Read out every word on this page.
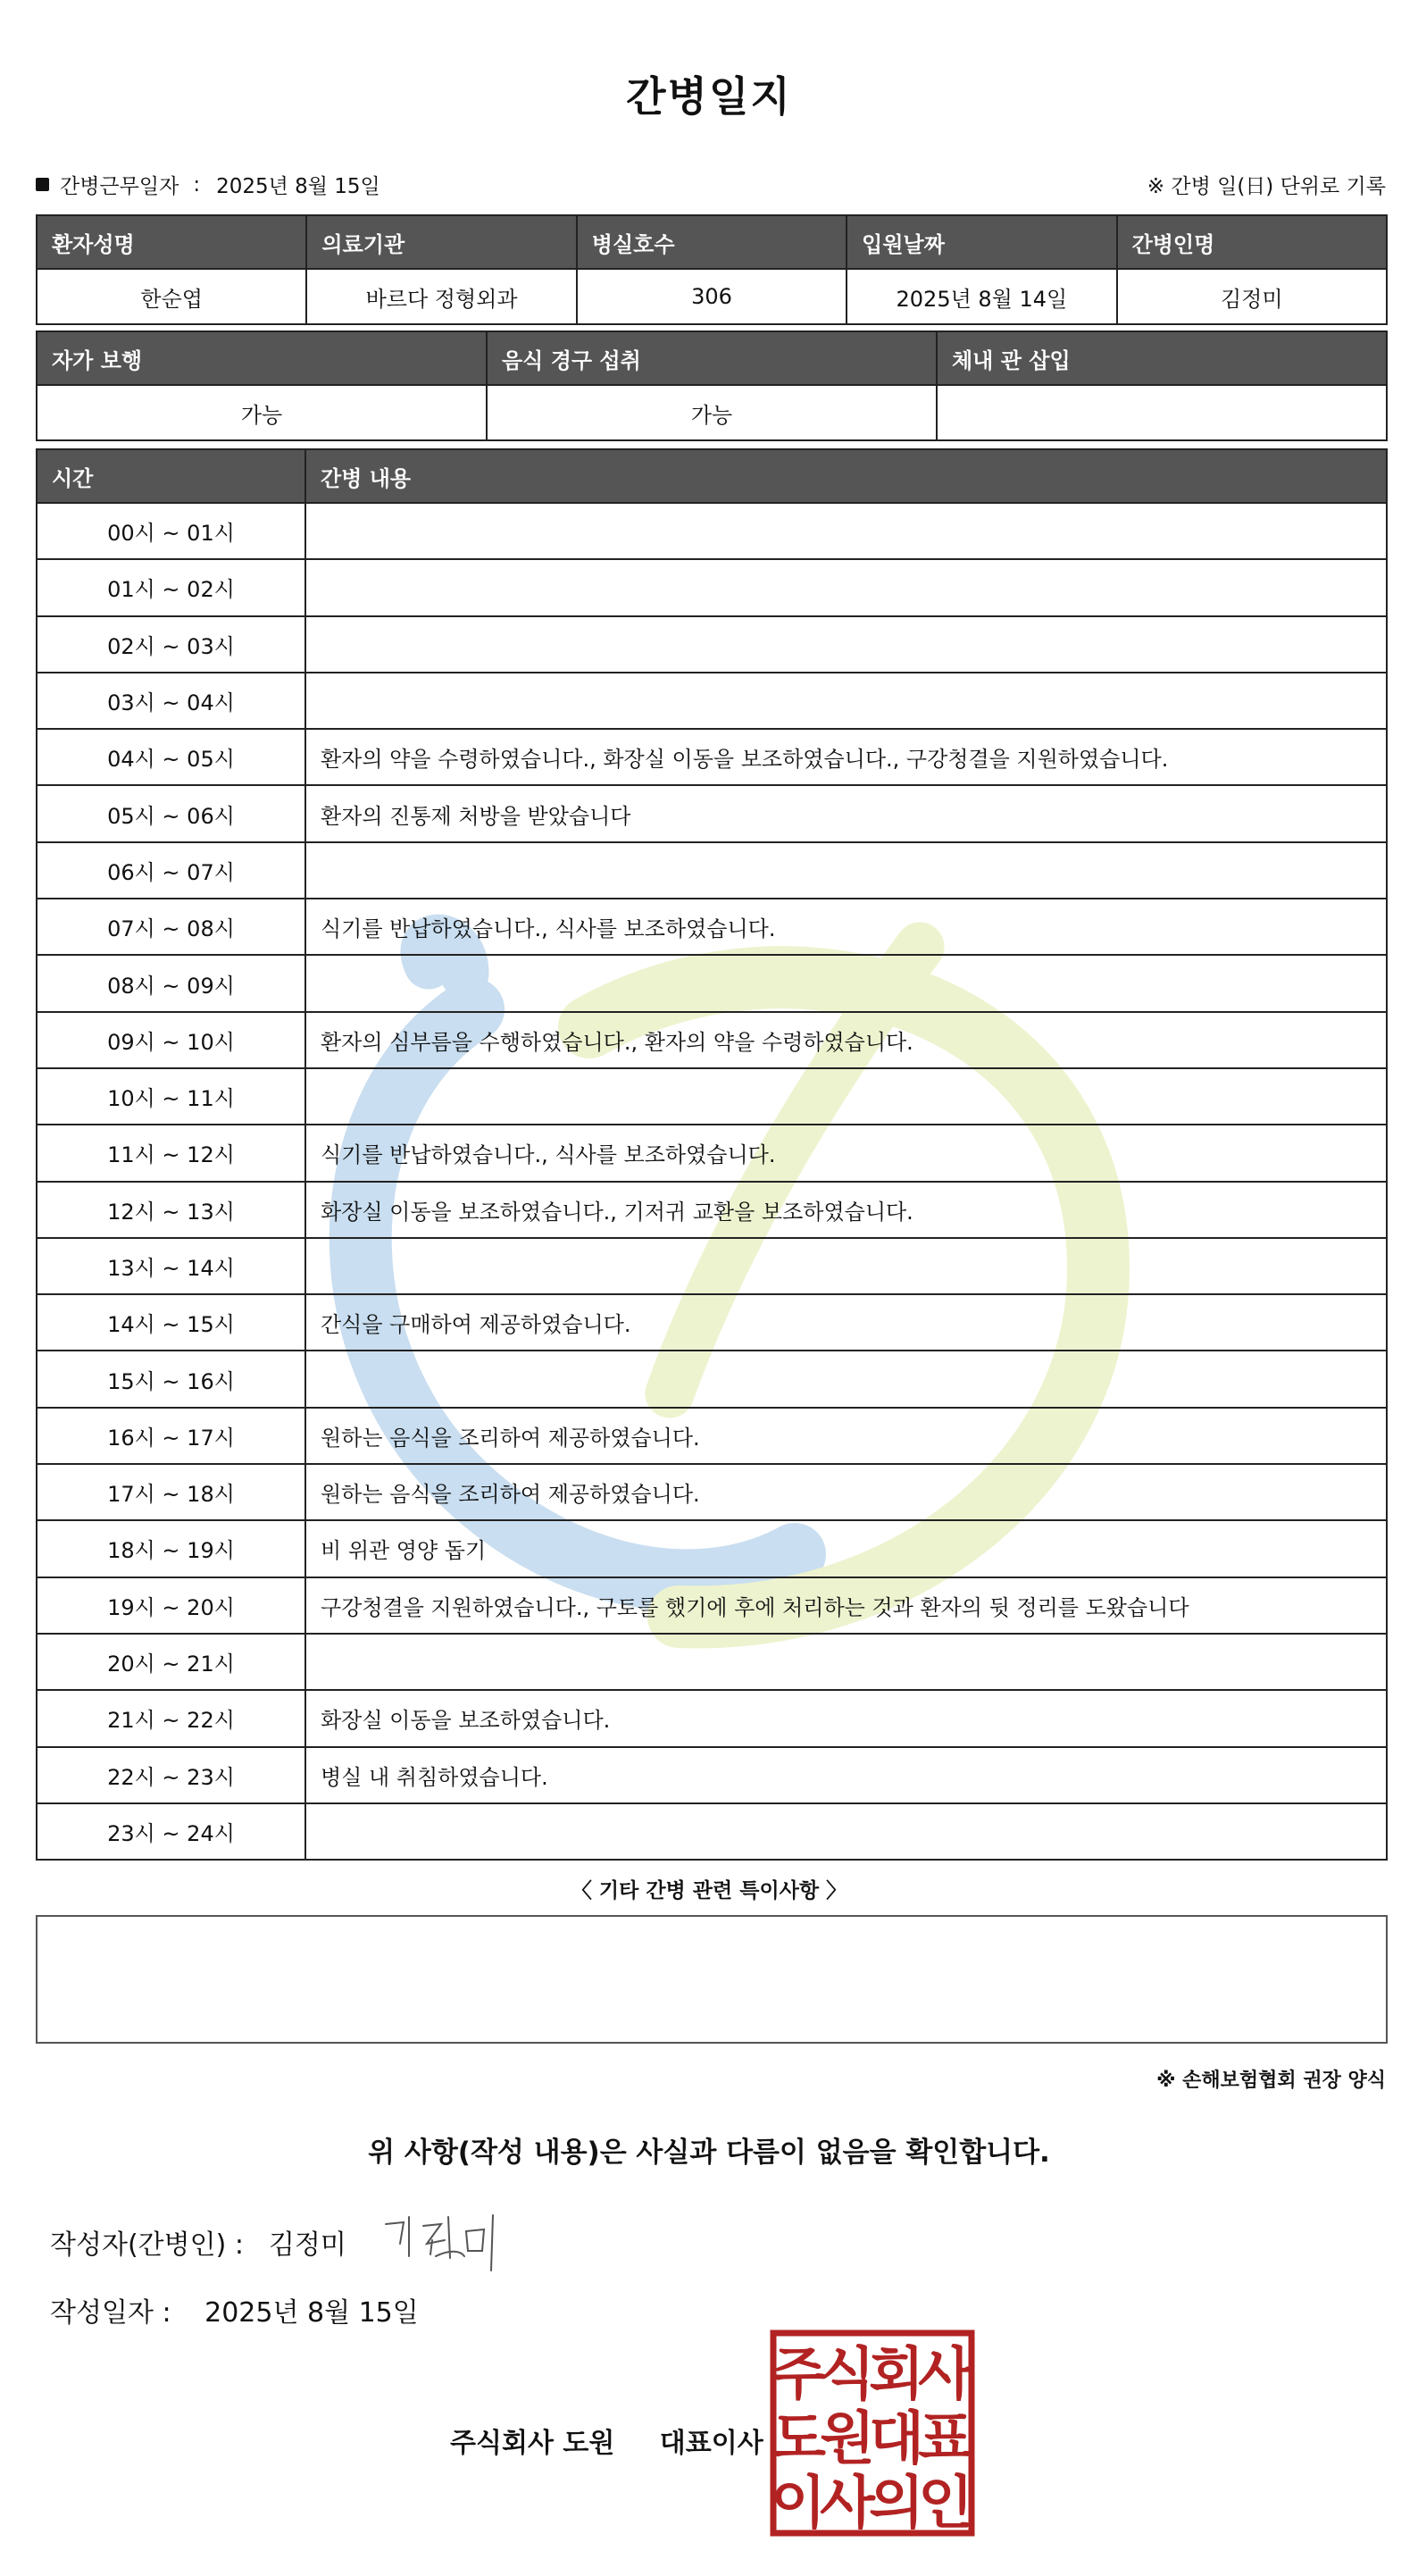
간병일지
간병근무일자 : 2025년 8월 15일	※ 간병 일(日) 단위로 기록
환자성명	의료기관	병실호수	입원날짜	간병인명
한순엽	바르다 정형외과	306	2025년 8월 14일	김정미
자가 보행	음식 경구 섭취	체내 관 삽입
가능	가능	
시간	간병 내용
00시 ~ 01시	
01시 ~ 02시	
02시 ~ 03시	
03시 ~ 04시	
04시 ~ 05시	환자의 약을 수령하였습니다., 화장실 이동을 보조하였습니다., 구강청결을 지원하였습니다.
05시 ~ 06시	환자의 진통제 처방을 받았습니다
06시 ~ 07시	
07시 ~ 08시	식기를 반납하였습니다., 식사를 보조하였습니다.
08시 ~ 09시	
09시 ~ 10시	환자의 심부름을 수행하였습니다., 환자의 약을 수령하였습니다.
10시 ~ 11시	
11시 ~ 12시	식기를 반납하였습니다., 식사를 보조하였습니다.
12시 ~ 13시	화장실 이동을 보조하였습니다., 기저귀 교환을 보조하였습니다.
13시 ~ 14시	
14시 ~ 15시	간식을 구매하여 제공하였습니다.
15시 ~ 16시	
16시 ~ 17시	원하는 음식을 조리하여 제공하였습니다.
17시 ~ 18시	원하는 음식을 조리하여 제공하였습니다.
18시 ~ 19시	비 위관 영양 돕기
19시 ~ 20시	구강청결을 지원하였습니다., 구토를 했기에 후에 처리하는 것과 환자의 뒷 정리를 도왔습니다
20시 ~ 21시	
21시 ~ 22시	화장실 이동을 보조하였습니다.
22시 ~ 23시	병실 내 취침하였습니다.
23시 ~ 24시	
〈 기타 간병 관련 특이사항 〉
※ 손해보험협회 권장 양식
위 사항(작성 내용)은 사실과 다름이 없음을 확인합니다.
작성자(간병인) : 김정미
작성일자 : 2025년 8월 15일
주식회사 도원 대표이사
주
식
회
사
도
원
대
표
이
사
의
인
